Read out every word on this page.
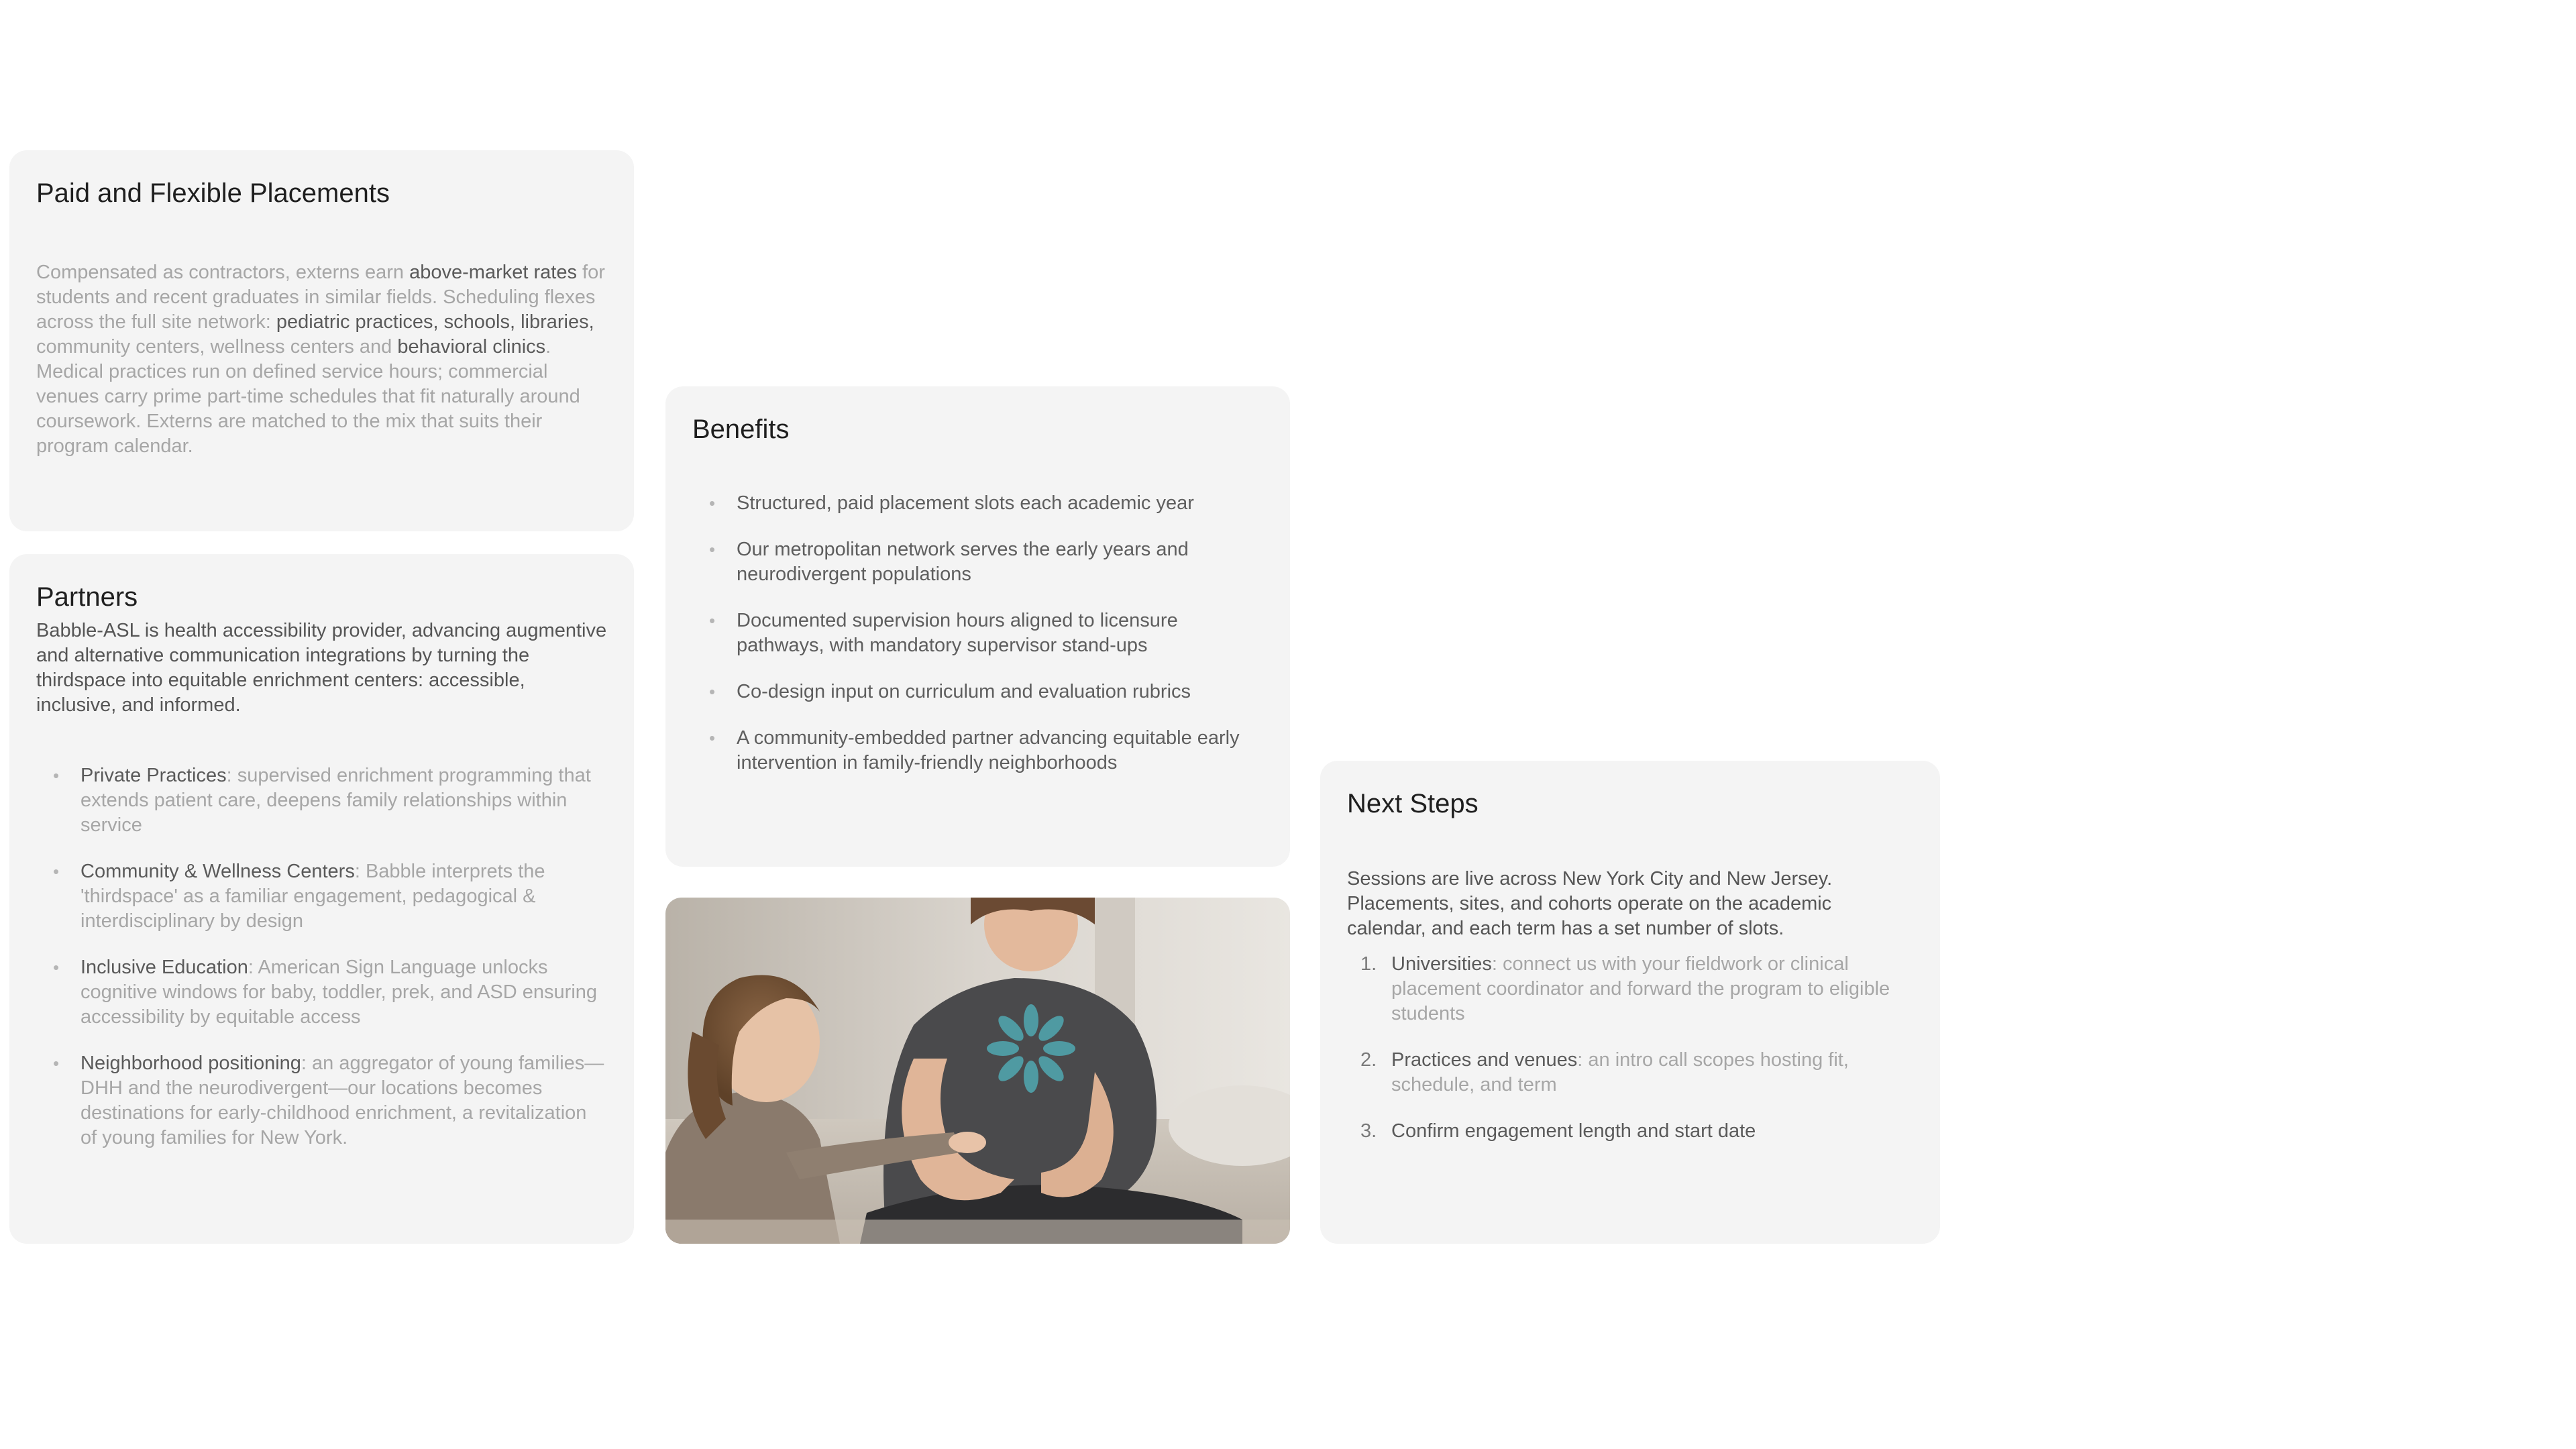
Paid and Flexible Placements
Compensated as contractors, externs earn above-market rates for students and recent graduates in similar fields. Scheduling flexes across the full site network: pediatric practices, schools, libraries, community centers, wellness centers and behavioral clinics. Medical practices run on defined service hours; commercial venues carry prime part-time schedules that fit naturally around coursework. Externs are matched to the mix that suits their program calendar.
Partners
Babble-ASL is health accessibility provider, advancing augmentive and alternative communication integrations by turning the thirdspace into equitable enrichment centers: accessible, inclusive, and informed.
• Private Practices: supervised enrichment programming that extends patient care, deepens family relationships within service
• Community & Wellness Centers: Babble interprets the 'thirdspace' as a familiar engagement, pedagogical & interdisciplinary by design
• Inclusive Education: American Sign Language unlocks cognitive windows for baby, toddler, prek, and ASD ensuring accessibility by equitable access
• Neighborhood positioning: an aggregator of young families—DHH and the neurodivergent—our locations becomes destinations for early-childhood enrichment, a revitalization of young families for New York.
Benefits
• Structured, paid placement slots each academic year
• Our metropolitan network serves the early years and neurodivergent populations
• Documented supervision hours aligned to licensure pathways, with mandatory supervisor stand-ups
• Co-design input on curriculum and evaluation rubrics
• A community-embedded partner advancing equitable early intervention in family-friendly neighborhoods
Next Steps
Sessions are live across New York City and New Jersey. Placements, sites, and cohorts operate on the academic calendar, and each term has a set number of slots.
1. Universities: connect us with your fieldwork or clinical placement coordinator and forward the program to eligible students
2. Practices and venues: an intro call scopes hosting fit, schedule, and term
3. Confirm engagement length and start date
